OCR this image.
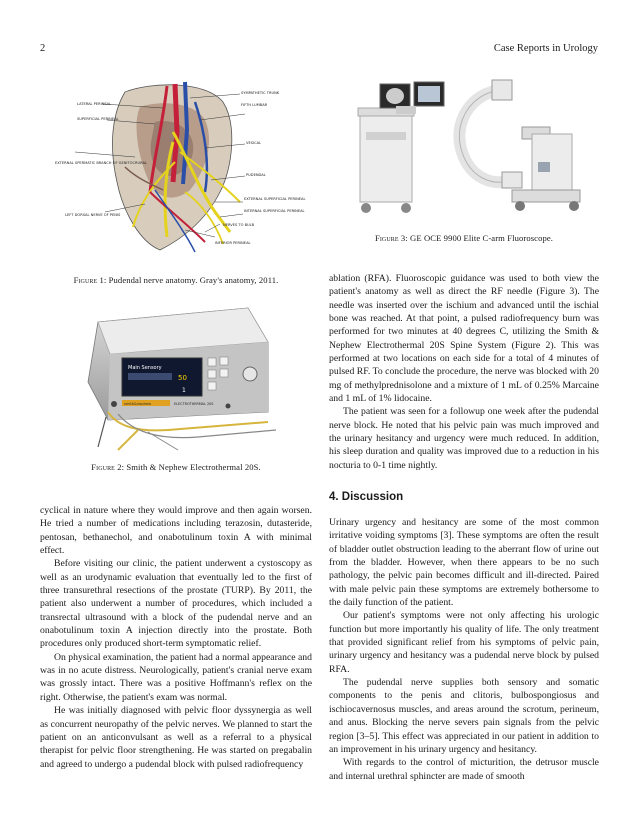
2	Case Reports in Urology
LATERAL PERINEAL
SUPERFICIAL PERINEAL
SYMPATHETIC TRUNK
FIFTH LUMBAR
EXTERNAL SPERMATIC BRANCH OF GENITOCRURAL
VESICAL
PUDENDAL
LEFT DORSAL NERVE OF PENIS
INFERIOR PERINEAL
EXTERNAL SUPERFICIAL PERINEAL
INTERNAL SUPERFICIAL PERINEAL
NERVES TO BULB
Figure 1: Pudendal nerve anatomy. Gray's anatomy, 2011.
Main Sensory
50
1
smith&nephew	ELECTROTHERMAL 20S
Figure 2: Smith & Nephew Electrothermal 20S.
Figure 3: GE OCE 9900 Elite C-arm Fluoroscope.

cyclical in nature where they would improve and then again worsen. He tried a number of medications including terazosin, dutasteride, pentosan, bethanechol, and onabotulinum toxin A with minimal effect.

Before visiting our clinic, the patient underwent a cystoscopy as well as an urodynamic evaluation that eventually led to the first of three transurethral resections of the prostate (TURP). By 2011, the patient also underwent a number of procedures, which included a transrectal ultrasound with a block of the pudendal nerve and an onabotulinum toxin A injection directly into the prostate. Both procedures only produced short-term symptomatic relief.

On physical examination, the patient had a normal appearance and was in no acute distress. Neurologically, patient's cranial nerve exam was grossly intact. There was a positive Hoffmann's reflex on the right. Otherwise, the patient's exam was normal.

He was initially diagnosed with pelvic floor dyssynergia as well as concurrent neuropathy of the pelvic nerves. We planned to start the patient on an anticonvulsant as well as a referral to a physical therapist for pelvic floor strengthening. He was started on pregabalin and agreed to undergo a pudendal block with pulsed radiofrequency

ablation (RFA). Fluoroscopic guidance was used to both view the patient's anatomy as well as direct the RF needle (Figure 3). The needle was inserted over the ischium and advanced until the ischial bone was reached. At that point, a pulsed radiofrequency burn was performed for two minutes at 40 degrees C, utilizing the Smith & Nephew Electrothermal 20S Spine System (Figure 2). This was performed at two locations on each side for a total of 4 minutes of pulsed RF. To conclude the procedure, the nerve was blocked with 20 mg of methylprednisolone and a mixture of 1 mL of 0.25% Marcaine and 1 mL of 1% lidocaine.

The patient was seen for a followup one week after the pudendal nerve block. He noted that his pelvic pain was much improved and the urinary hesitancy and urgency were much reduced. In addition, his sleep duration and quality was improved due to a reduction in his nocturia to 0-1 time nightly.

4. Discussion

Urinary urgency and hesitancy are some of the most common irritative voiding symptoms [3]. These symptoms are often the result of bladder outlet obstruction leading to the aberrant flow of urine out from the bladder. However, when there appears to be no such pathology, the pelvic pain becomes difficult and ill-directed. Paired with male pelvic pain these symptoms are extremely bothersome to the daily function of the patient.

Our patient's symptoms were not only affecting his urologic function but more importantly his quality of life. The only treatment that provided significant relief from his symptoms of pelvic pain, urinary urgency and hesitancy was a pudendal nerve block by pulsed RFA.

The pudendal nerve supplies both sensory and somatic components to the penis and clitoris, bulbospongiosus and ischiocavernosus muscles, and areas around the scrotum, perineum, and anus. Blocking the nerve severs pain signals from the pelvic region [3–5]. This effect was appreciated in our patient in addition to an improvement in his urinary urgency and hesitancy.

With regards to the control of micturition, the detrusor muscle and internal urethral sphincter are made of smooth
